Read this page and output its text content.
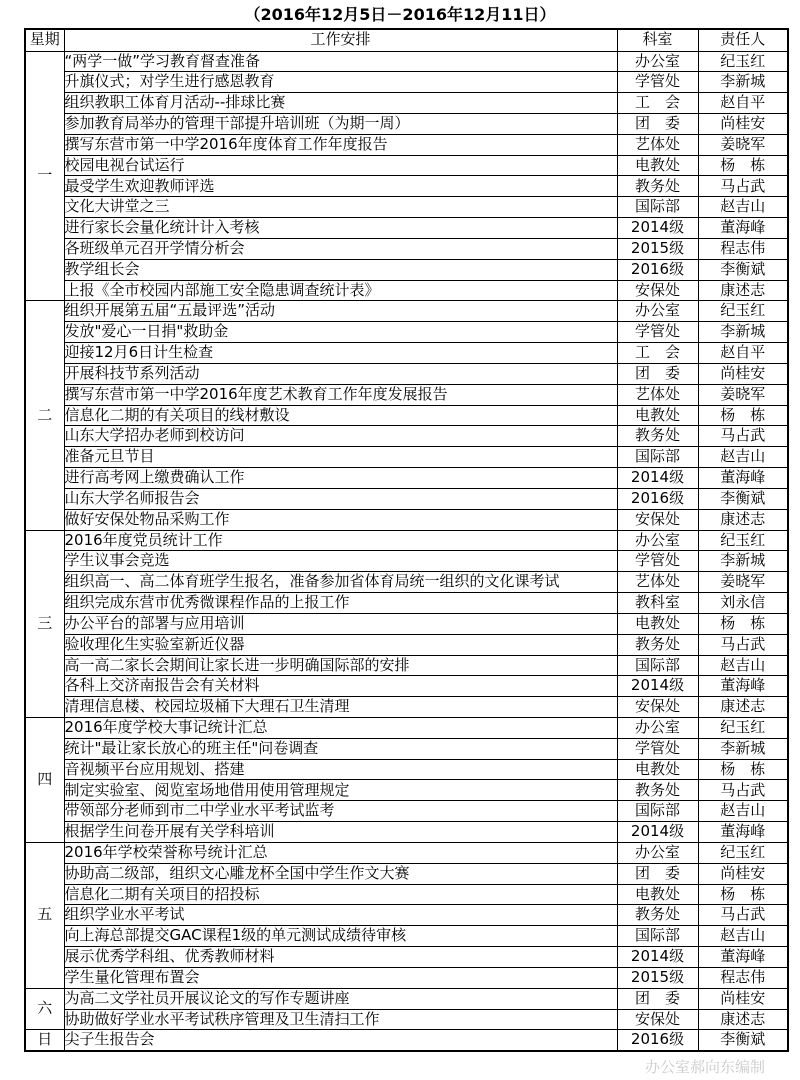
（2016年12月5日－2016年12月11日）
星期	工作安排	科室	责任人
一	“两学一做”学习教育督查准备	办公室	纪玉红
	升旗仪式；对学生进行感恩教育	学管处	李新城
	组织教职工体育月活动--排球比赛	工　会	赵自平
	参加教育局举办的管理干部提升培训班（为期一周）	团　委	尚桂安
	撰写东营市第一中学2016年度体育工作年度报告	艺体处	姜晓军
	校园电视台试运行	电教处	杨　栋
	最受学生欢迎教师评选	教务处	马占武
	文化大讲堂之三	国际部	赵吉山
	进行家长会量化统计计入考核	2014级	董海峰
	各班级单元召开学情分析会	2015级	程志伟
	教学组长会	2016级	李衡斌
	上报《全市校园内部施工安全隐患调查统计表》	安保处	康述志
二	组织开展第五届“五最评选”活动	办公室	纪玉红
	发放"爱心一日捐"救助金	学管处	李新城
	迎接12月6日计生检查	工　会	赵自平
	开展科技节系列活动	团　委	尚桂安
	撰写东营市第一中学2016年度艺术教育工作年度发展报告	艺体处	姜晓军
	信息化二期的有关项目的线材敷设	电教处	杨　栋
	山东大学招办老师到校访问	教务处	马占武
	准备元旦节目	国际部	赵吉山
	进行高考网上缴费确认工作	2014级	董海峰
	山东大学名师报告会	2016级	李衡斌
	做好安保处物品采购工作	安保处	康述志
三	2016年度党员统计工作	办公室	纪玉红
	学生议事会竞选	学管处	李新城
	组织高一、高二体育班学生报名，准备参加省体育局统一组织的文化课考试	艺体处	姜晓军
	组织完成东营市优秀微课程作品的上报工作	教科室	刘永信
	办公平台的部署与应用培训	电教处	杨　栋
	验收理化生实验室新近仪器	教务处	马占武
	高一高二家长会期间让家长进一步明确国际部的安排	国际部	赵吉山
	各科上交济南报告会有关材料	2014级	董海峰
	清理信息楼、校园垃圾桶下大理石卫生清理	安保处	康述志
四	2016年度学校大事记统计汇总	办公室	纪玉红
	统计"最让家长放心的班主任"问卷调查	学管处	李新城
	音视频平台应用规划、搭建	电教处	杨　栋
	制定实验室、阅览室场地借用使用管理规定	教务处	马占武
	带领部分老师到市二中学业水平考试监考	国际部	赵吉山
	根据学生问卷开展有关学科培训	2014级	董海峰
五	2016年学校荣誉称号统计汇总	办公室	纪玉红
	协助高二级部，组织文心雕龙杯全国中学生作文大赛	团　委	尚桂安
	信息化二期有关项目的招投标	电教处	杨　栋
	组织学业水平考试	教务处	马占武
	向上海总部提交GAC课程1级的单元测试成绩待审核	国际部	赵吉山
	展示优秀学科组、优秀教师材料	2014级	董海峰
	学生量化管理布置会	2015级	程志伟
六	为高二文学社员开展议论文的写作专题讲座	团　委	尚桂安
	协助做好学业水平考试秩序管理及卫生清扫工作	安保处	康述志
日	尖子生报告会	2016级	李衡斌
办公室郝向东编制
